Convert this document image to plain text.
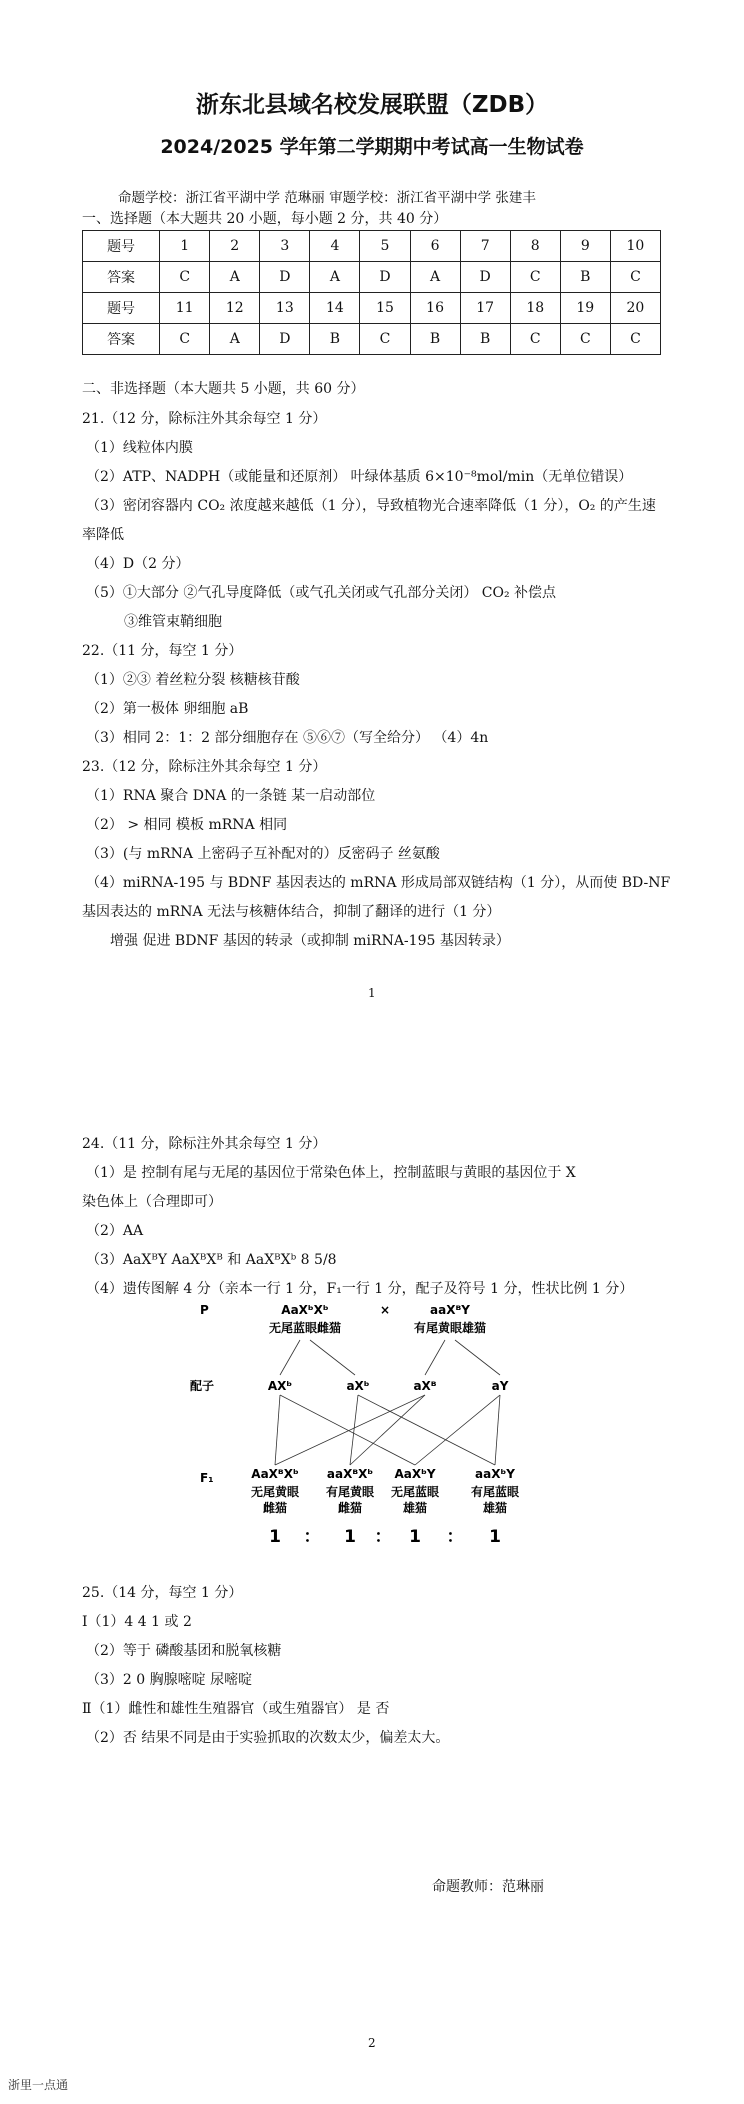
浙东北县域名校发展联盟（ZDB）
2024/2025 学年第二学期期中考试高一生物试卷
命题学校：浙江省平湖中学 范琳丽 审题学校：浙江省平湖中学 张建丰
一、选择题（本大题共 20 小题，每小题 2 分，共 40 分）
题号	1	2	3	4	5	6	7	8	9	10
答案	C	A	D	A	D	A	D	C	B	C
题号	11	12	13	14	15	16	17	18	19	20
答案	C	A	D	B	C	B	B	C	C	C
二、非选择题（本大题共 5 小题，共 60 分）
21.（12 分，除标注外其余每空 1 分）
（1）线粒体内膜
（2）ATP、NADPH（或能量和还原剂） 叶绿体基质 6×10⁻⁸mol/min（无单位错误）
（3）密闭容器内 CO₂ 浓度越来越低（1 分），导致植物光合速率降低（1 分），O₂ 的产生速
率降低
（4）D（2 分）
（5）①大部分 ②气孔导度降低（或气孔关闭或气孔部分关闭） CO₂ 补偿点
③维管束鞘细胞
22.（11 分，每空 1 分）
（1）②③ 着丝粒分裂 核糖核苷酸
（2）第一极体 卵细胞 aB
（3）相同 2：1：2 部分细胞存在 ⑤⑥⑦（写全给分） （4）4n
23.（12 分，除标注外其余每空 1 分）
（1）RNA 聚合 DNA 的一条链 某一启动部位
（2） > 相同 模板 mRNA 相同
（3）(与 mRNA 上密码子互补配对的）反密码子 丝氨酸
（4）miRNA-195 与 BDNF 基因表达的 mRNA 形成局部双链结构（1 分），从而使 BD-NF
基因表达的 mRNA 无法与核糖体结合，抑制了翻译的进行（1 分）
增强 促进 BDNF 基因的转录（或抑制 miRNA-195 基因转录）
1
24.（11 分，除标注外其余每空 1 分）
（1）是 控制有尾与无尾的基因位于常染色体上，控制蓝眼与黄眼的基因位于 X
染色体上（合理即可）
（2）AA
（3）AaXᴮY AaXᴮXᴮ 和 AaXᴮXᵇ 8 5/8
（4）遗传图解 4 分（亲本一行 1 分，F₁一行 1 分，配子及符号 1 分，性状比例 1 分）
P	AaXᵇXᵇ
无尾蓝眼雌猫
×	aaXᴮY
有尾黄眼雄猫
配子	AXᵇ	aXᵇ	aXᴮ	aY
F₁	AaXᴮXᵇ aaXᴮXᵇ AaXᵇY	aaXᵇY
无尾黄眼 有尾黄眼 无尾蓝眼	有尾蓝眼
雌猫	雌猫	雄猫	雄猫
1 ： 1 ： 1 ： 1
25.（14 分，每空 1 分）
Ⅰ（1）4 4 1 或 2
（2）等于 磷酸基团和脱氧核糖
（3）2 0 胸腺嘧啶 尿嘧啶
Ⅱ（1）雌性和雄性生殖器官（或生殖器官） 是 否
（2）否 结果不同是由于实验抓取的次数太少，偏差太大。
命题教师：范琳丽
2
浙里一点通
